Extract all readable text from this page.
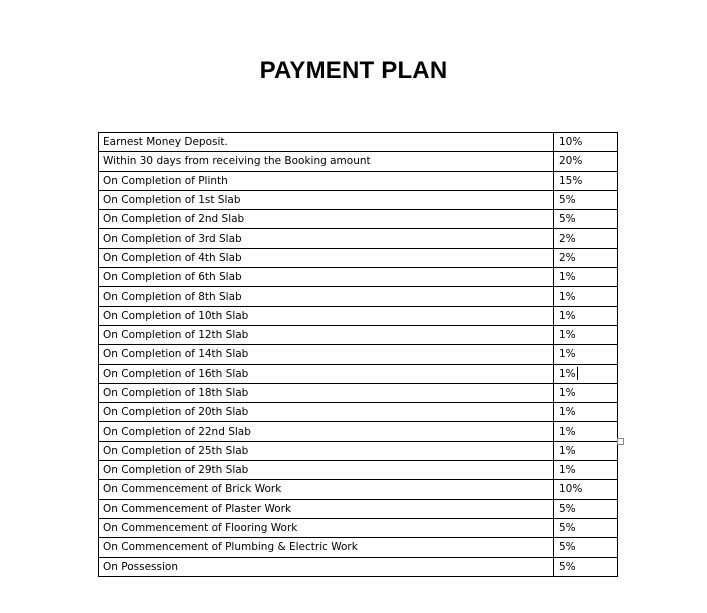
PAYMENT PLAN
Earnest Money Deposit.	10%
Within 30 days from receiving the Booking amount	20%
On Completion of Plinth	15%
On Completion of 1st Slab	5%
On Completion of 2nd Slab	5%
On Completion of 3rd Slab	2%
On Completion of 4th Slab	2%
On Completion of 6th Slab	1%
On Completion of 8th Slab	1%
On Completion of 10th Slab	1%
On Completion of 12th Slab	1%
On Completion of 14th Slab	1%
On Completion of 16th Slab	1%
On Completion of 18th Slab	1%
On Completion of 20th Slab	1%
On Completion of 22nd Slab	1%
On Completion of 25th Slab	1%
On Completion of 29th Slab	1%
On Commencement of Brick Work	10%
On Commencement of Plaster Work	5%
On Commencement of Flooring Work	5%
On Commencement of Plumbing & Electric Work	5%
On Possession	5%
